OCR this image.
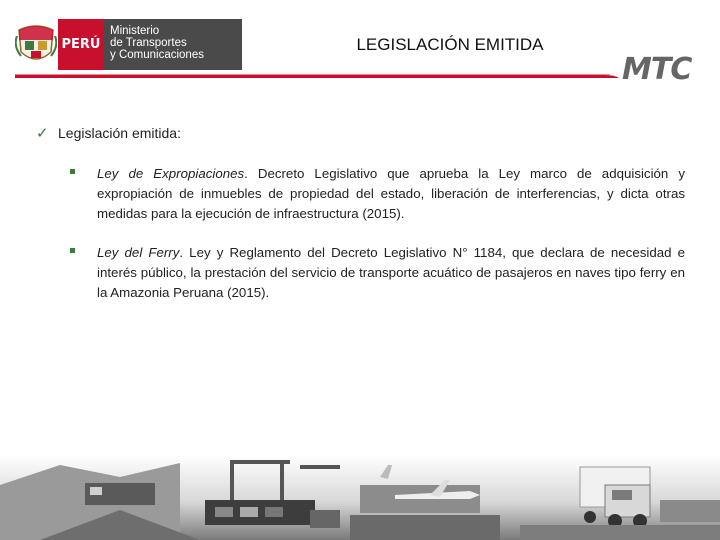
PERÚ
Ministerio
de Transportes
y Comunicaciones
LEGISLACIÓN EMITIDA
MTC
✓ Legislación emitida:
Ley de Expropiaciones. Decreto Legislativo que aprueba la Ley marco de adquisición y expropiación de inmuebles de propiedad del estado, liberación de interferencias, y dicta otras medidas para la ejecución de infraestructura (2015).
Ley del Ferry. Ley y Reglamento del Decreto Legislativo N° 1184, que declara de necesidad e interés público, la prestación del servicio de transporte acuático de pasajeros en naves tipo ferry en la Amazonia Peruana (2015).
